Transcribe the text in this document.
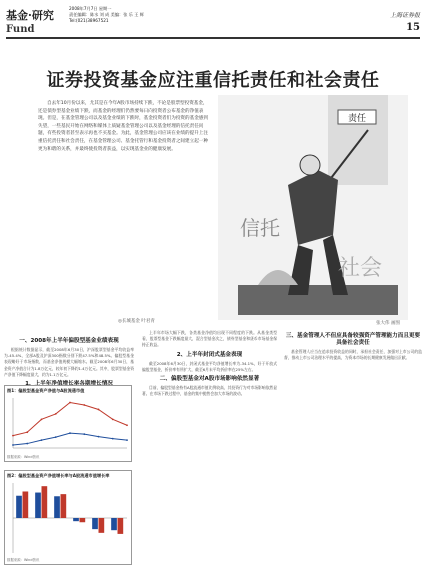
基金·研究
2008年7月7日 星期一
责任编辑：陈水 刘 成 美编：张 乐 王 辉
Tel:(021)38967521
上海证券报
Fund	15
证券投资基金应注重信托责任和社会责任
自去年10月份以来，尤其是在今年A股市场持续下跌，不论是股票型投资基金，还是债券型基金业绩下跌，而基金的经理们仍然要每日向投资者公布基金的净值表现。但是，在基金管理公司以及基金业绩的下跌时，基金投资者们为投资的基金感到失望，一些基民开始在网络和媒体上质疑基金管理公司以及基金经理的信托责任问题，有些投资者甚至表示再也不买基金。为此，基金管理公司应该在业绩的提升上注重信托责任和社会责任，在基金管理公司、基金托管行和基金投资者之间建立起一种更为和谐的关系，并最终使投资者获益，以实现基金业的健康发展。
◎长城基金 叶君青
责任
信托
社会
张大伟 画图
一、2008年上半年偏股型基金业绩表现

根据统计数据显示，截至2008年6月30日，沪深股票型基金平均收益率为-45.4%，全部A股及沪深300指数分别下跌47.5%和48.5%。偏股型基金表现略好于市场指数，而基金净值规模大幅缩水。截至2008年6月30日，基金资产净值合计为1.8万亿元，较年初下降约1.4万亿元。其中，股票型基金资产净值下降幅度最大，约为1.1万亿元。

1、上半年净值增长率各期增长情况
图1：偏股型基金资产净值与A股流通市值
数据来源：Wind资讯
图2：偏股型基金资产净值增长率与A股流通市值增长率
数据来源：Wind资讯

上半年市场大幅下跌，各类基金净值均出现不同程度的下跌。从基金类型看，股票型基金下跌幅度最大，混合型基金次之，债券型基金和货币市场基金保持正收益。

2、上半年封闭式基金表现

截至2008年6月30日，封闭式基金平均净值增长率为-34.1%，好于开放式偏股型基金，折价率有所扩大，截至6月末平均折价率在25%左右。

二、偏股型基金对A股市场影响依然显著

目前，偏股型基金持有A股流通市值比例较高，其投资行为对市场影响依然显著。在市场下跌过程中，基金的集中抛售会加大市场的波动。

三、基金管理人不但应具备较强资产管理能力而且更要具备社会责任

基金管理人应当在追求投资收益的同时，承担社会责任，加强对上市公司的监督，推动上市公司治理水平的提高，为资本市场的长期健康发展做出贡献。
